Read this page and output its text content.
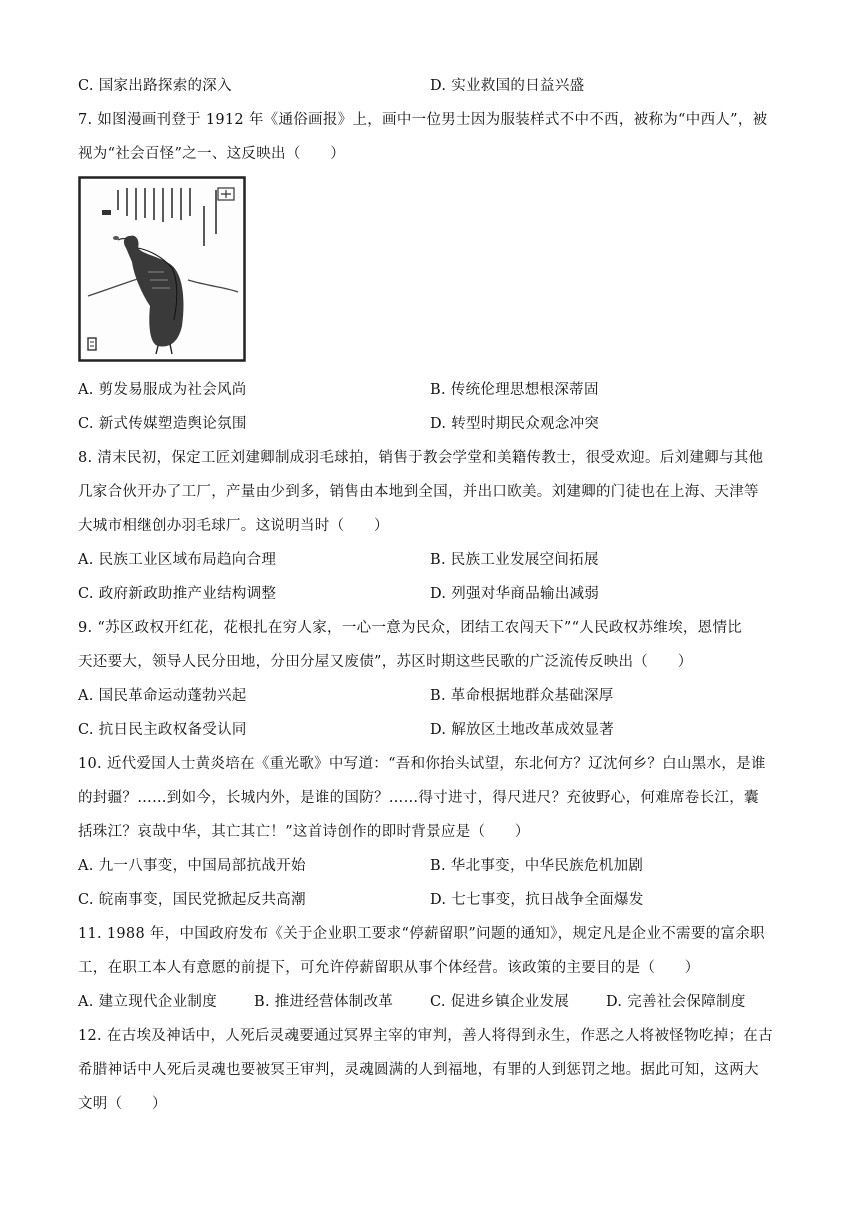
C. 国家出路探索的深入	D. 实业救国的日益兴盛
7. 如图漫画刊登于 1912 年《通俗画报》上，画中一位男士因为服装样式不中不西，被称为“中西人”，被
视为“社会百怪”之一、这反映出（　　）
A. 剪发易服成为社会风尚	B. 传统伦理思想根深蒂固
C. 新式传媒塑造舆论氛围	D. 转型时期民众观念冲突
8. 清末民初，保定工匠刘建卿制成羽毛球拍，销售于教会学堂和美籍传教士，很受欢迎。后刘建卿与其他
几家合伙开办了工厂，产量由少到多，销售由本地到全国，并出口欧美。刘建卿的门徒也在上海、天津等
大城市相继创办羽毛球厂。这说明当时（　　）
A. 民族工业区域布局趋向合理	B. 民族工业发展空间拓展
C. 政府新政助推产业结构调整	D. 列强对华商品输出减弱
9. “苏区政权开红花，花根扎在穷人家，一心一意为民众，团结工农闯天下”“人民政权苏维埃，恩情比
天还要大，领导人民分田地，分田分屋又废债”，苏区时期这些民歌的广泛流传反映出（　　）
A. 国民革命运动蓬勃兴起	B. 革命根据地群众基础深厚
C. 抗日民主政权备受认同	D. 解放区土地改革成效显著
10. 近代爱国人士黄炎培在《重光歌》中写道：“吾和你抬头试望，东北何方？辽沈何乡？白山黑水，是谁
的封疆？……到如今，长城内外，是谁的国防？……得寸进寸，得尺进尺？充彼野心，何难席卷长江，囊
括珠江？哀哉中华，其亡其亡！”这首诗创作的即时背景应是（　　）
A. 九一八事变，中国局部抗战开始	B. 华北事变，中华民族危机加剧
C. 皖南事变，国民党掀起反共高潮	D. 七七事变，抗日战争全面爆发
11. 1988 年，中国政府发布《关于企业职工要求“停薪留职”问题的通知》，规定凡是企业不需要的富余职
工，在职工本人有意愿的前提下，可允许停薪留职从事个体经营。该政策的主要目的是（　　）
A. 建立现代企业制度	B. 推进经营体制改革	C. 促进乡镇企业发展	D. 完善社会保障制度
12. 在古埃及神话中，人死后灵魂要通过冥界主宰的审判，善人将得到永生，作恶之人将被怪物吃掉；在古
希腊神话中人死后灵魂也要被冥王审判，灵魂圆满的人到福地，有罪的人到惩罚之地。据此可知，这两大
文明（　　）
